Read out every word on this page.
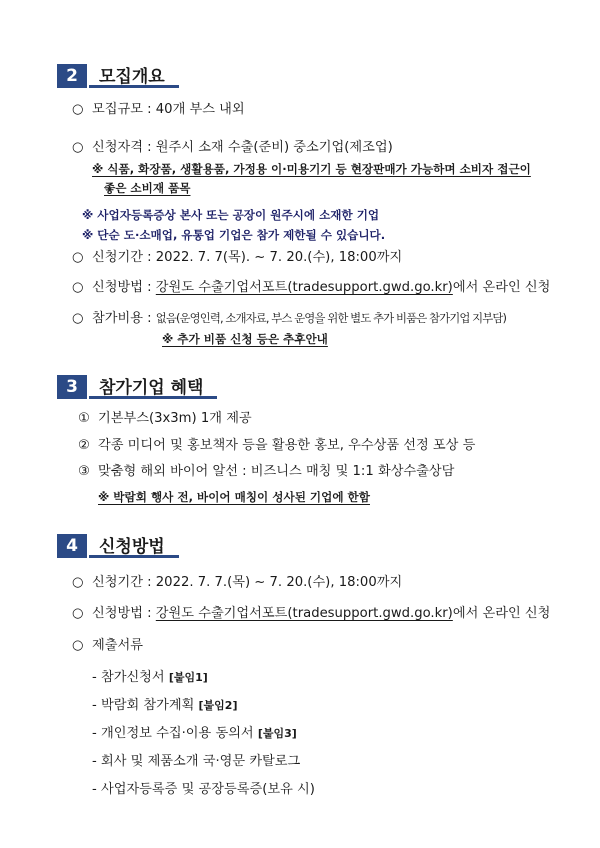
2	모집개요
○ 모집규모 : 40개 부스 내외
○ 신청자격 : 원주시 소재 수출(준비) 중소기업(제조업)
※ 식품, 화장품, 생활용품, 가정용 이·미용기기 등 현장판매가 가능하며 소비자 접근이
좋은 소비재 품목
※ 사업자등록증상 본사 또는 공장이 원주시에 소재한 기업
※ 단순 도·소매업, 유통업 기업은 참가 제한될 수 있습니다.
○ 신청기간 : 2022. 7. 7(목). ~ 7. 20.(수), 18:00까지
○ 신청방법 : 강원도 수출기업서포트(tradesupport.gwd.go.kr)에서 온라인 신청
○ 참가비용 : 없음(운영인력, 소개자료, 부스 운영을 위한 별도 추가 비품은 참가기업 지부담)
※ 추가 비품 신청 등은 추후안내
3	참가기업 혜택
① 기본부스(3x3m) 1개 제공
② 각종 미디어 및 홍보책자 등을 활용한 홍보, 우수상품 선정 포상 등
③ 맞춤형 해외 바이어 알선 : 비즈니스 매칭 및 1:1 화상수출상담
※ 박람회 행사 전, 바이어 매칭이 성사된 기업에 한함
4	신청방법
○ 신청기간 : 2022. 7. 7.(목) ~ 7. 20.(수), 18:00까지
○ 신청방법 : 강원도 수출기업서포트(tradesupport.gwd.go.kr)에서 온라인 신청
○ 제출서류
- 참가신청서 [붙임1]
- 박람회 참가계획 [붙임2]
- 개인정보 수집·이용 동의서 [붙임3]
- 회사 및 제품소개 국·영문 카탈로그
- 사업자등록증 및 공장등록증(보유 시)
